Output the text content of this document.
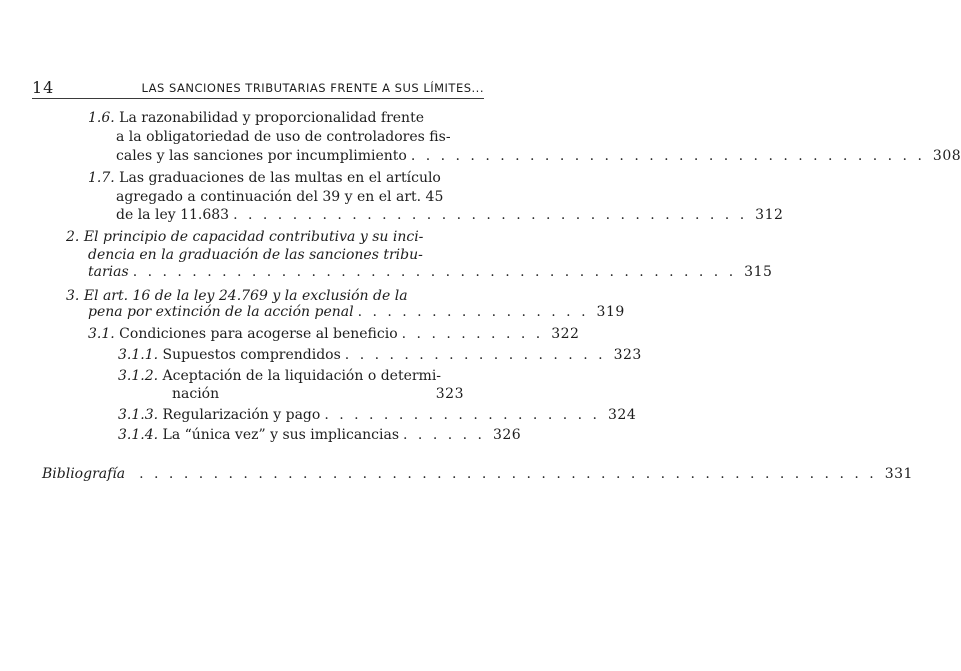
14	LAS SANCIONES TRIBUTARIAS FRENTE A SUS LÍMITES...
1.6. La razonabilidad y proporcionalidad frente
a la obligatoriedad de uso de controladores fis-
cales y las sanciones por incumplimiento . . . . . . . . . . . . . . . . . . . . . . . . . . . . . . . . . . . 308
1.7. Las graduaciones de las multas en el artículo
agregado a continuación del 39 y en el art. 45
de la ley 11.683 . . . . . . . . . . . . . . . . . . . . . . . . . . . . . . . . . . . 312
2. El principio de capacidad contributiva y su inci-
dencia en la graduación de las sanciones tribu-
tarias . . . . . . . . . . . . . . . . . . . . . . . . . . . . . . . . . . . . . . . . . 315
3. El art. 16 de la ley 24.769 y la exclusión de la
pena por extinción de la acción penal . . . . . . . . . . . . . . . . 319
3.1.
Condiciones para acogerse al beneficio . . . . . . . . . . 322
3.1.1.
Supuestos comprendidos . . . . . . . . . . . . . . . . . . 323
3.1.2. Aceptación de la liquidación o determi-
nación	323
3.1.3.
Regularización y pago . . . . . . . . . . . . . . . . . . . 324
3.1.4.
La “única vez” y sus implicancias . . . . . . 326
Bibliografía . . . . . . . . . . . . . . . . . . . . . . . . . . . . . . . . . . . . . . . . . . . . . . . . . . 331
